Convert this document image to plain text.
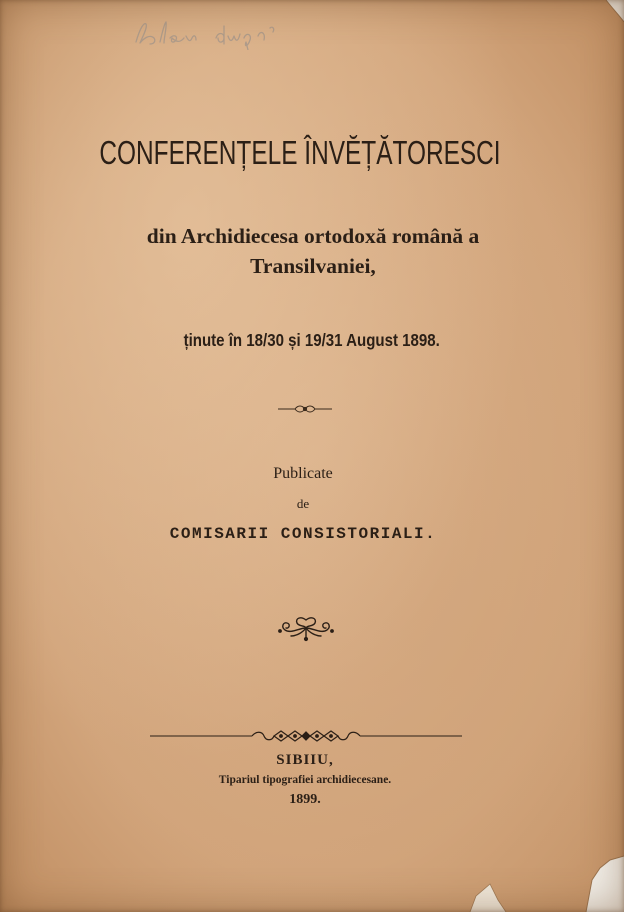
CONFERENȚELE ÎNVĔȚĂTORESCI
din Archidiecesa ortodoxă română a
Transilvaniei,
ținute în 18/30 și 19/31 August 1898.
Publicate
de
COMISARII CONSISTORIALI.
SIBIIU,
Tipariul tipografiei archidiecesane.
1899.
